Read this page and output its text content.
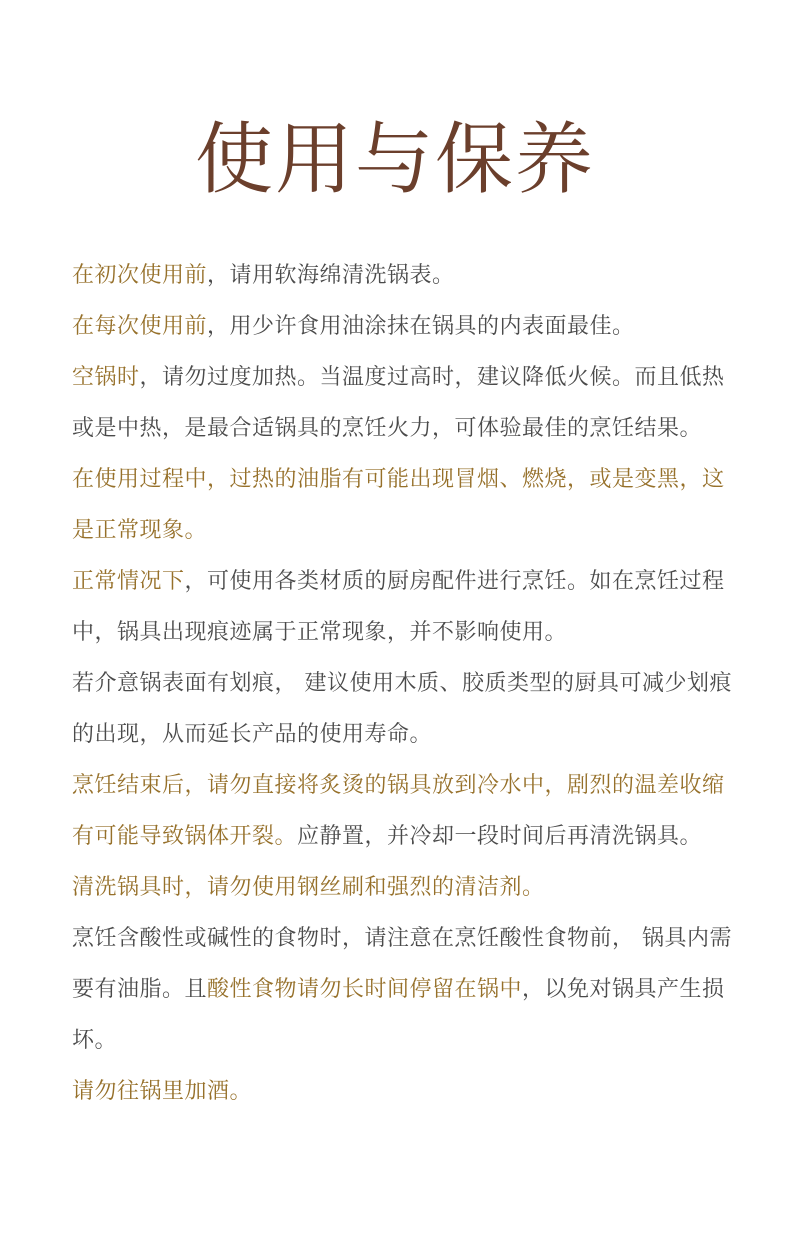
使用与保养

在初次使用前，请用软海绵清洗锅表。

在每次使用前，用少许食用油涂抹在锅具的内表面最佳。

空锅时，请勿过度加热。当温度过高时，建议降低火候。而且低热或是中热，是最合适锅具的烹饪火力，可体验最佳的烹饪结果。

在使用过程中，过热的油脂有可能出现冒烟、燃烧，或是变黑，这是正常现象。

正常情况下，可使用各类材质的厨房配件进行烹饪。如在烹饪过程中，锅具出现痕迹属于正常现象，并不影响使用。

若介意锅表面有划痕， 建议使用木质、胶质类型的厨具可减少划痕的出现，从而延长产品的使用寿命。

烹饪结束后，请勿直接将炙烫的锅具放到冷水中，剧烈的温差收缩有可能导致锅体开裂。应静置，并冷却一段时间后再清洗锅具。

清洗锅具时，请勿使用钢丝刷和强烈的清洁剂。

烹饪含酸性或碱性的食物时，请注意在烹饪酸性食物前， 锅具内需要有油脂。且酸性食物请勿长时间停留在锅中，以免对锅具产生损坏。

请勿往锅里加酒。
